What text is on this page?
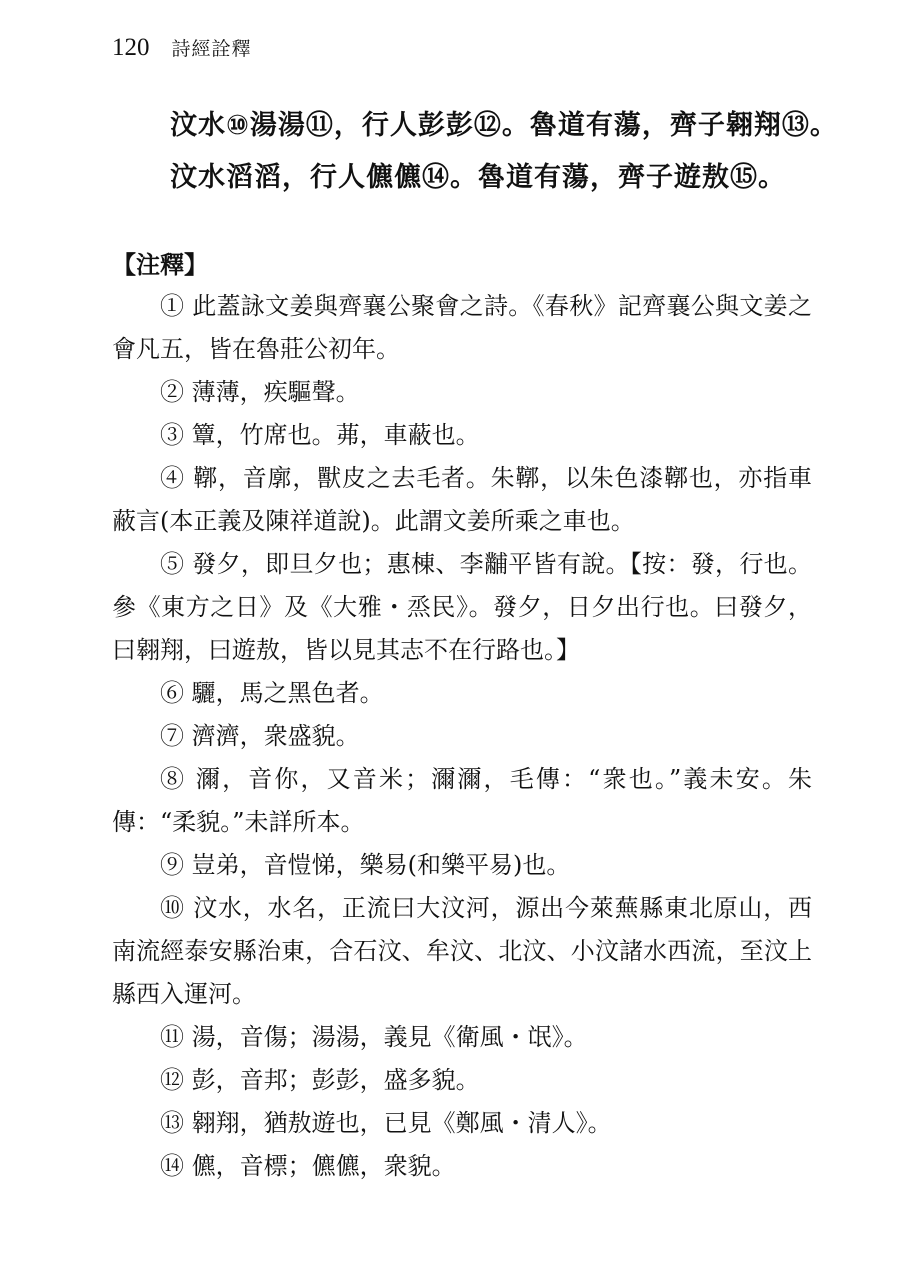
120 詩經詮釋
汶水⑩湯湯⑪，行人彭彭⑫。魯道有蕩，齊子翱翔⑬。
汶水滔滔，行人儦儦⑭。魯道有蕩，齊子遊敖⑮。
【注釋】

① 此蓋詠文姜與齊襄公聚會之詩。《春秋》記齊襄公與文姜之會凡五，皆在魯莊公初年。

② 薄薄，疾驅聲。

③ 簟，竹席也。茀，車蔽也。

④ 鞹，音廓，獸皮之去毛者。朱鞹，以朱色漆鞹也，亦指車蔽言(本正義及陳祥道說)。此謂文姜所乘之車也。

⑤ 發夕，即旦夕也；惠棟、李黼平皆有說。【按：發，行也。參《東方之日》及《大雅・烝民》。發夕，日夕出行也。曰發夕，曰翱翔，曰遊敖，皆以見其志不在行路也。】

⑥ 驪，馬之黑色者。

⑦ 濟濟，衆盛貌。

⑧ 濔，音你，又音米；濔濔，毛傳：“衆也。”義未安。朱傳：“柔貌。”未詳所本。

⑨ 豈弟，音愷悌，樂易(和樂平易)也。

⑩ 汶水，水名，正流曰大汶河，源出今萊蕪縣東北原山，西南流經泰安縣治東，合石汶、牟汶、北汶、小汶諸水西流，至汶上縣西入運河。

⑪ 湯，音傷；湯湯，義見《衛風・氓》。

⑫ 彭，音邦；彭彭，盛多貌。

⑬ 翱翔，猶敖遊也，已見《鄭風・清人》。

⑭ 儦，音標；儦儦，衆貌。
